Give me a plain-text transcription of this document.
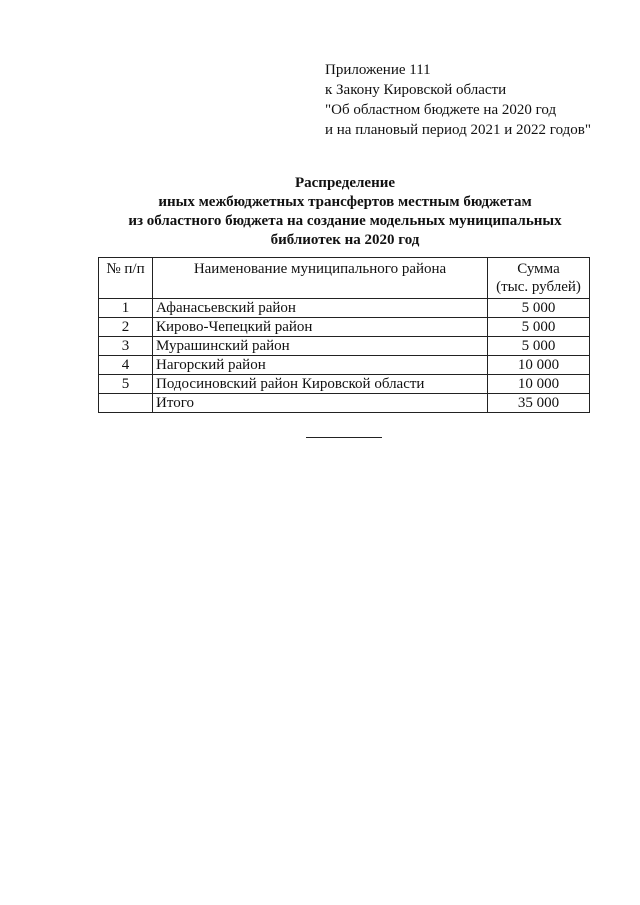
Приложение 111
к Закону Кировской области
"Об областном бюджете на 2020 год
и на плановый период 2021 и 2022 годов"
Распределение
иных межбюджетных трансфертов местным бюджетам
из областного бюджета на создание модельных муниципальных
библиотек на 2020 год
№ п/п	Наименование муниципального района	Сумма
(тыс. рублей)

1	Афанасьевский район	5 000
2	Кирово-Чепецкий район	5 000
3	Мурашинский район	5 000
4	Нагорский район	10 000
5	Подосиновский район Кировской области	10 000
	Итого	35 000
